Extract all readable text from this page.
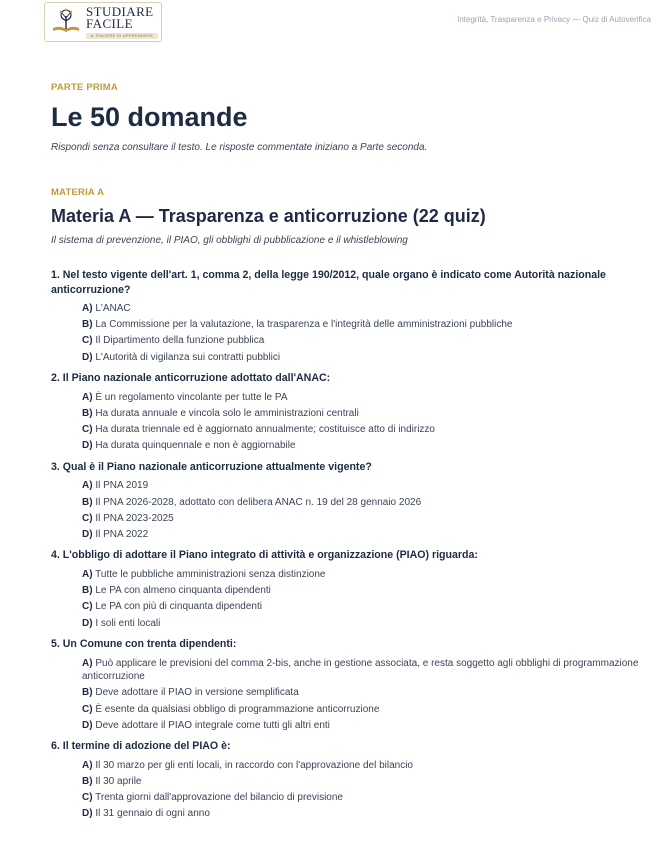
STUDIARE
FACILE
IL PIACERE DI APPRENDERE
Integrità, Trasparenza e Privacy — Quiz di Autoverifica
PARTE PRIMA
Le 50 domande
Rispondi senza consultare il testo. Le risposte commentate iniziano a Parte seconda.
MATERIA A
Materia A — Trasparenza e anticorruzione (22 quiz)
Il sistema di prevenzione, il PIAO, gli obblighi di pubblicazione e il whistleblowing
1. Nel testo vigente dell'art. 1, comma 2, della legge 190/2012, quale organo è indicato come Autorità nazionale anticorruzione?
A) L'ANAC
B) La Commissione per la valutazione, la trasparenza e l'integrità delle amministrazioni pubbliche
C) Il Dipartimento della funzione pubblica
D) L'Autorità di vigilanza sui contratti pubblici
2. Il Piano nazionale anticorruzione adottato dall'ANAC:
A) È un regolamento vincolante per tutte le PA
B) Ha durata annuale e vincola solo le amministrazioni centrali
C) Ha durata triennale ed è aggiornato annualmente; costituisce atto di indirizzo
D) Ha durata quinquennale e non è aggiornabile
3. Qual è il Piano nazionale anticorruzione attualmente vigente?
A) Il PNA 2019
B) Il PNA 2026-2028, adottato con delibera ANAC n. 19 del 28 gennaio 2026
C) Il PNA 2023-2025
D) Il PNA 2022
4. L'obbligo di adottare il Piano integrato di attività e organizzazione (PIAO) riguarda:
A) Tutte le pubbliche amministrazioni senza distinzione
B) Le PA con almeno cinquanta dipendenti
C) Le PA con più di cinquanta dipendenti
D) I soli enti locali
5. Un Comune con trenta dipendenti:
A) Può applicare le previsioni del comma 2-bis, anche in gestione associata, e resta soggetto agli obblighi di programmazione anticorruzione
B) Deve adottare il PIAO in versione semplificata
C) È esente da qualsiasi obbligo di programmazione anticorruzione
D) Deve adottare il PIAO integrale come tutti gli altri enti
6. Il termine di adozione del PIAO è:
A) Il 30 marzo per gli enti locali, in raccordo con l'approvazione del bilancio
B) Il 30 aprile
C) Trenta giorni dall'approvazione del bilancio di previsione
D) Il 31 gennaio di ogni anno
